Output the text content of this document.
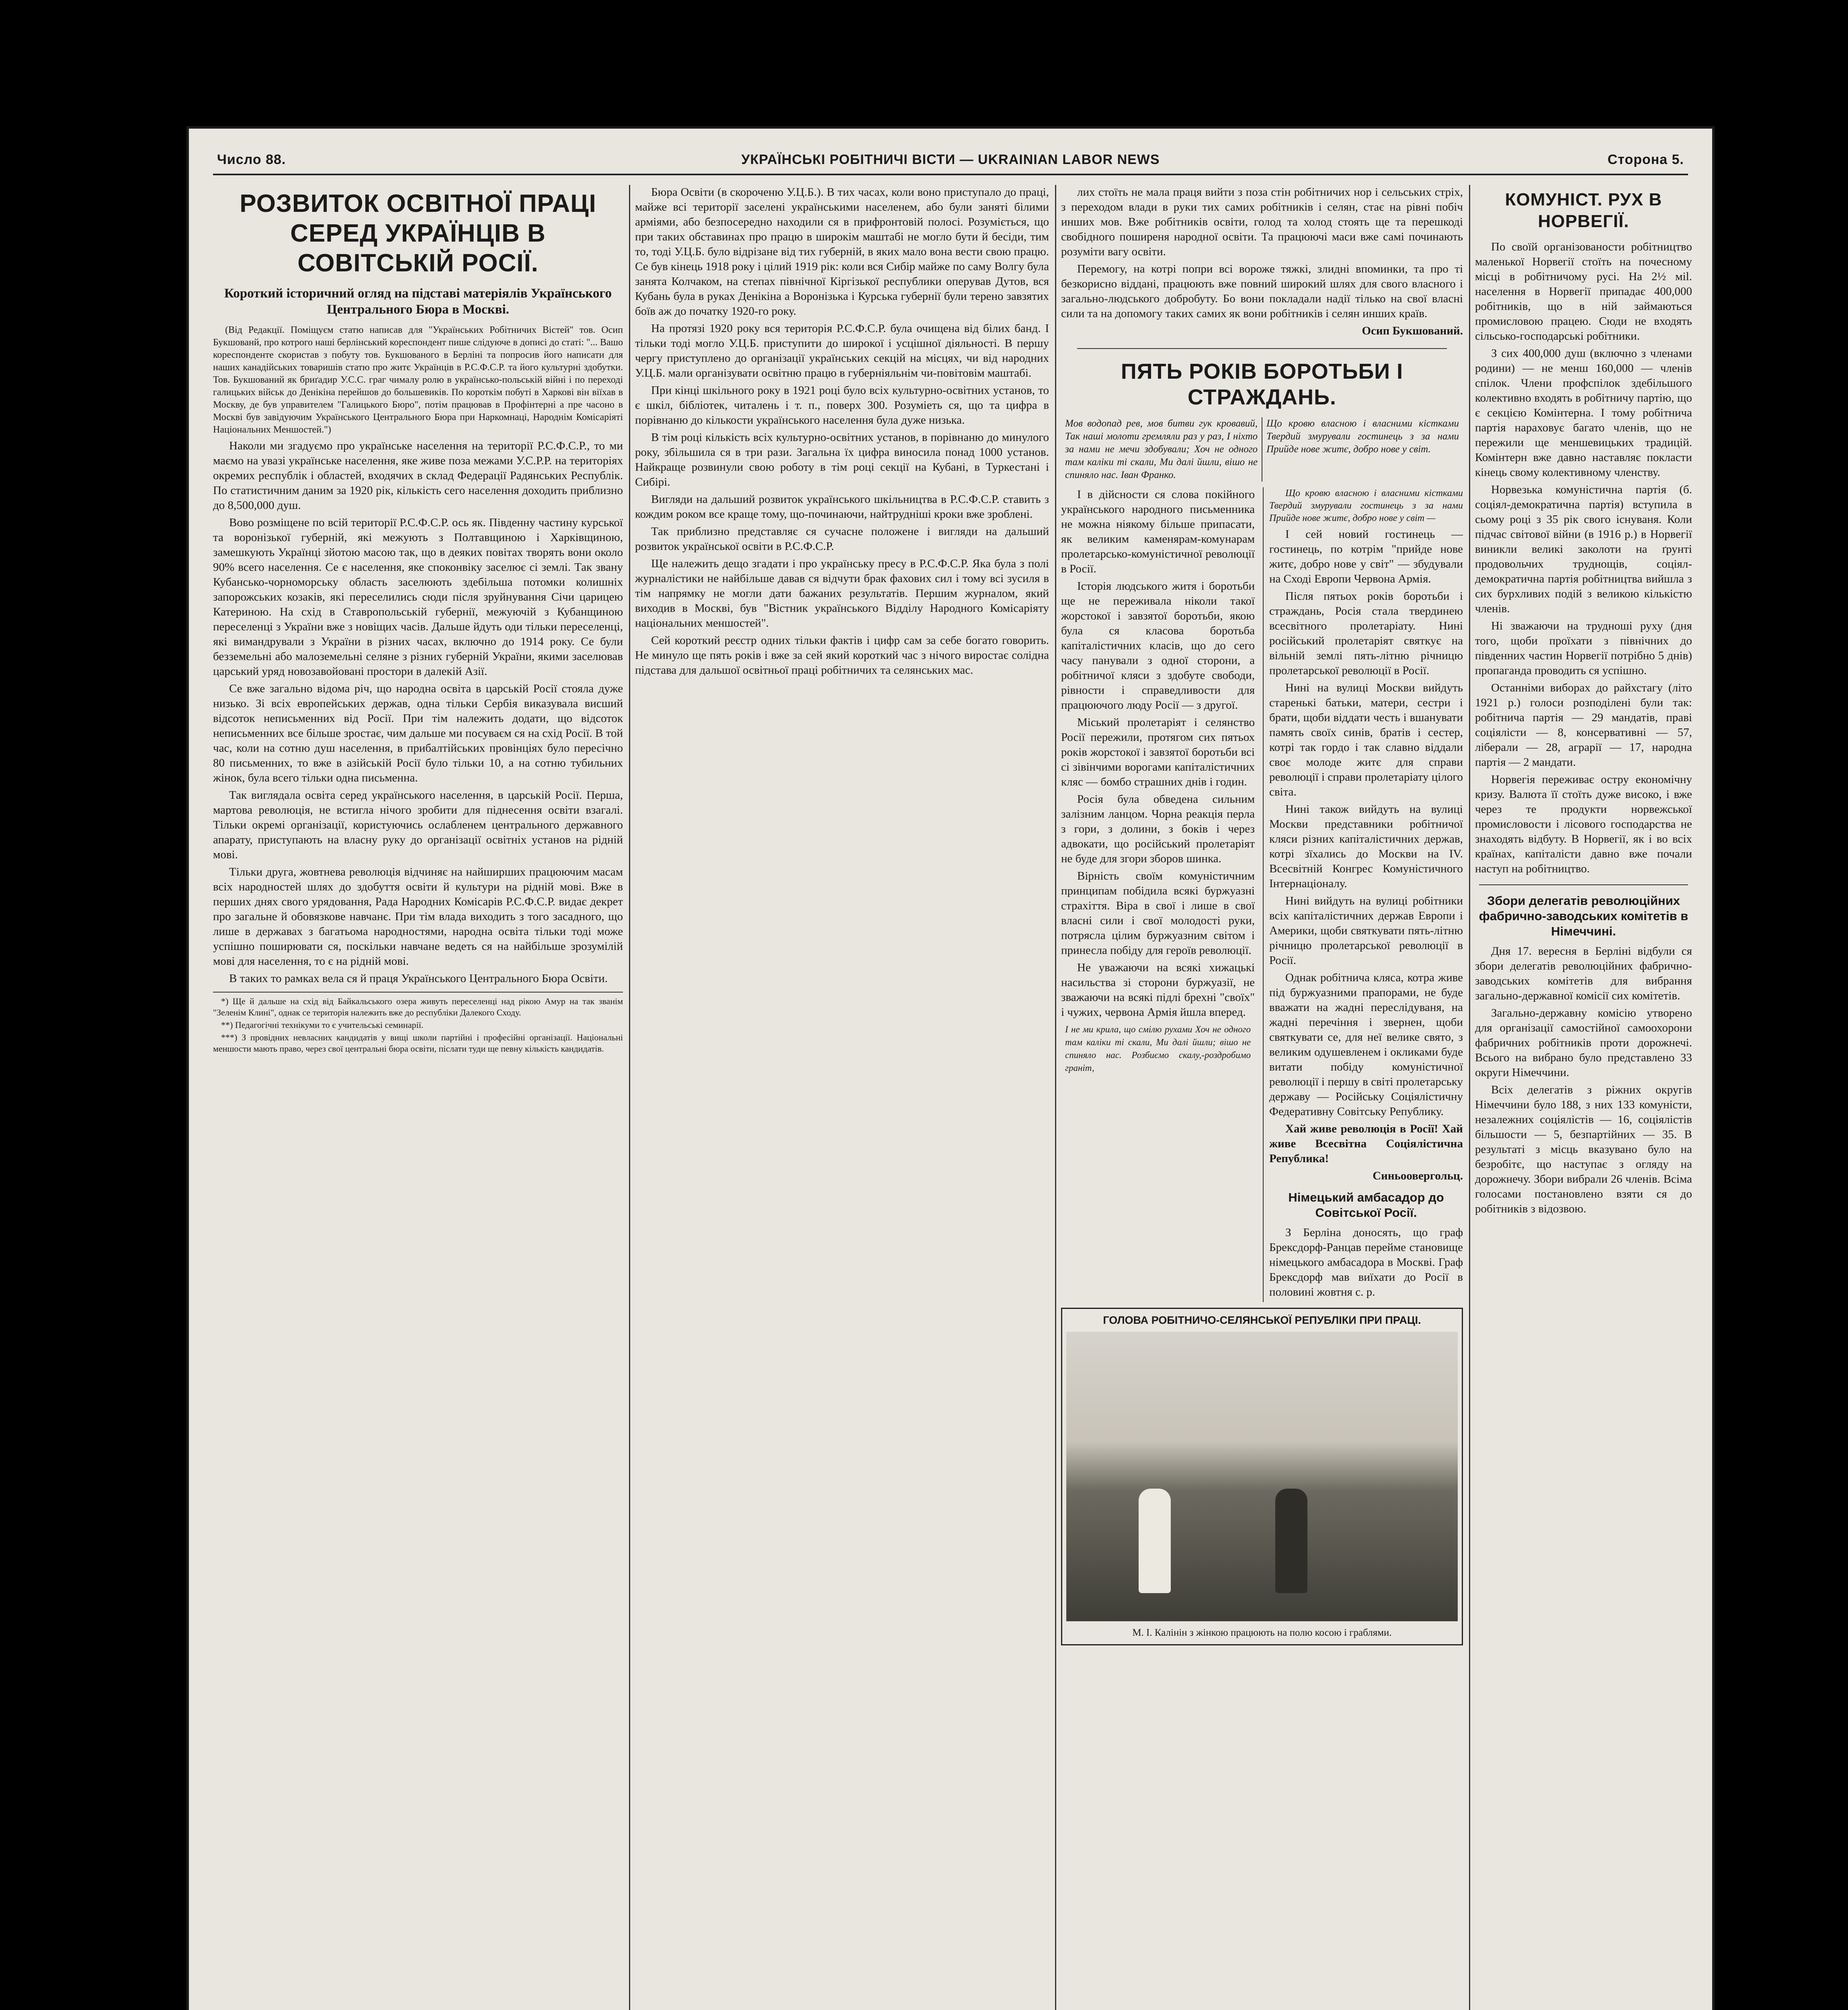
Число 88.	УКРАЇНСЬКІ РОБІТНИЧІ ВІСТИ — UKRAINIAN LABOR NEWS	Сторона 5.
РОЗВИТОК ОСВІТНОЇ ПРАЦІ СЕРЕД УКРАЇНЦІВ В СОВІТСЬКІЙ РОСІЇ.
Короткий історичний огляд на підставі матеріялів Українського Центрального Бюра в Москві.

(Від Редакції. Поміщуєм статю написав для "Українських Робітничих Вістей" тов. Осип Букшованй, про котрого наші берлінський кореспондент пише слідуюче в дописі до статі: "... Вашо кореспонденте скористав з побуту тов. Букшованого в Берліні та попросив його написати для наших канадійських товаришів статю про житє Українців в Р.С.Ф.С.Р. та його культурні здобутки. Тов. Букшований як бриґадир У.С.С. граг чималу ролю в українсько-польській війні і по переході галицьких військ до Денікіна перейшов до большевиків. По короткім побуті в Харкові він віїхав в Москву, де був управителем "Галицького Бюро", потім працював в Профінтерні а пре часоно в Москві був завідуючим Українського Центрального Бюра при Наркомнаці, Народнім Комісаріяті Національних Меншостей.")

Наколи ми згадуємо про українське населення на території Р.С.Ф.С.Р., то ми маємо на увазі українське населення, яке живе поза межами У.С.Р.Р. на територіях окремих республік і областей, входячих в склад Федерації Радянських Республік. По статистичним даним за 1920 рік, кількість сего населення доходить приблизно до 8,500,000 душ.

Вово розміщене по всій території Р.С.Ф.С.Р. ось як. Південну частину курської та воронізької губерній, які межують з Полтавщиною і Харківщиною, замешкують Українці зйотою масою так, що в деяких повітах творять вони около 90% всего населення. Се є населення, яке споконвіку заселює сі землі. Так звану Кубансько-чорноморську область заселюють здебільша потомки колишніх запорожських козаків, які переселились сюди після зруйнування Січи царицею Катериною. На схід в Ставропольській губернії, межуючій з Кубанщиною переселенці з України вже з новіщих часів. Дальше йдуть оди тільки переселенці, які вимандрували з України в різних часах, включно до 1914 року. Се були безземельні або малоземельні селяне з різних губерній України, якими заселював царський уряд новозавойовані простори в далекій Азії.

Се вже загально відома річ, що народна освіта в царській Росії стояла дуже низько. Зі всіх европейських держав, одна тільки Сербія виказувала висший відсоток непиcьменних від Росії. При тім належить додати, що відсоток непиcьменних все більше зростає, чим дальше ми посуваєм ся на схід Росії. В той час, коли на сотню душ населення, в прибалтійських провінціях було пересічно 80 письменних, то вже в азійській Росії було тільки 10, а на сотню тубильних жінок, була всего тільки одна письменна.

Так виглядала освіта серед українського населення, в царській Росії. Перша, мартова революція, не встигла нічого зробити для піднесення освіти взагалі. Тільки окремі організації, користуючись ослабленем центрального державного апарату, приступають на власну руку до організації освітніх установ на рідній мові.

Тільки друга, жовтнева революція відчиняє на найширших працюючим масам всіх народностей шлях до здобуття освіти й культури на рідній мові. Вже в перших днях свого урядовання, Рада Народних Комісарів Р.С.Ф.С.Р. видає декрет про загальне й обовязкове навчанє. При тім влада виходить з того засадного, що лише в державах з багатьома народностями, народна освіта тільки тоді може успішно поширювати ся, поскільки навчане ведеть ся на найбільше зрозумілій мові для населення, то є на рідній мові.

В таких то рамках вела ся й праця Українського Центрального Бюра Освіти.

*) Ще й дальше на схід від Байкальського озера живуть переселенці над рікою Амур на так званім "Зеленім Клині", однак се територія належить вже до республіки Далекого Сходу.

**) Педагогічні технікуми то є учительські семинарії.

***) З провідних невласних кандидатів у вищі школи партійні і професійні організації. Національні меншости мають право, через свої центральні бюра освіти, післати туди ще певну кількість кандидатів.

Бюра Освіти (в скороченю У.Ц.Б.). В тих часах, коли воно приступало до праці, майже всі території заселені українськими населенем, або були заняті білими арміями, або безпосередно находили ся в прифронтовій полосі. Розуміється, що при таких обставинах про працю в широкім маштабі не могло бути й бесіди, тим то, тоді У.Ц.Б. було відрізане від тих губерній, в яких мало вона вести свою працю. Се був кінець 1918 року і цілий 1919 рік: коли вся Сибір майже по саму Волгу була занята Колчаком, на степах північної Кіргізької республики оперував Дутов, вся Кубань була в руках Денікіна а Воронізька і Курська губернії були терено завзятих боїв аж до початку 1920-го року.

На протязі 1920 року вся територія Р.С.Ф.С.Р. була очищена від білих банд. І тільки тоді могло У.Ц.Б. приступити до широкої і усцішної діяльності. В першу чергу приступлено до організації українських секцій на місцях, чи від народних У.Ц.Б. мали організувати освітню працю в губерніяльнім чи-повітовім маштабі.

При кінці шкільного року в 1921 році було всіх культурно-освітних установ, то є шкіл, бібліотек, читалень і т. п., поверх 300. Розуміеть ся, що та цифра в порівнаню до кількости українського населення була дуже низька.

В тім році кількість всіх культурно-освітних установ, в порівнаню до минулого року, збільшила ся в три рази. Загальна їх цифра виносила понад 1000 установ. Найкраще розвинули свою роботу в тім році секції на Кубані, в Туркестані і Сибірі.

Вигляди на дальший розвиток українського шкільництва в Р.С.Ф.С.Р. ставить з кождим роком все краще тому, що-починаючи, найтрудніші кроки вже зроблені.

Так приблизно представляє ся сучасне положене і вигляди на дальший розвиток української освіти в Р.С.Ф.С.Р.

Ще належить дещо згадати і про українську пресу в Р.С.Ф.С.Р. Яка була з полі журналістики не найбільше давав ся відчути брак фахових сил і тому всі зусиля в тім напрямку не могли дати бажаних результатів. Першим журналом, який виходив в Москві, був "Вістник українського Відділу Народного Комісаріяту національних меншостей".

Сей короткий реєстр одних тільки фактів і цифр сам за себе богато говорить. Не минуло ще пять років і вже за сей який короткий час з нічого виростає солідна підстава для дальшої освітньої праці робітничих та селянських мас.

лих стоїть не мала праця вийти з поза стін робітничих нор і сельських стріх, з переходом влади в руки тих самих робітників і селян, стає на рівні побіч инших мов. Вже робітників освіти, голод та холод стоять ще та перешкоді свобідного поширеня народної освіти. Та працюючі маси вже самі починають розуміти вагу освіти.

Перемогу, на котрі попри всі вороже тяжкі, злидні впоминки, та про ті безкорисно віддані, працюють вже повний широкий шлях для свого власного і загально-людського добробуту. Бо вони покладали надії тілько на свої власні сили та на допомогу таких самих як вони робітників і селян инших країв.

Осип Букшований.

ПЯТЬ РОКІВ БОРОТЬБИ І СТРАЖДАНЬ.
Мов водопад рев, мов битви гук кровавий, Так наші молоти гремляли раз у раз, І ніхто за нами не мечи здобували; Хоч не одного там каліки ті скали, Ми далі йшли, вішо не спиняло нас. Іван Франко.
Що кровю власною і власними кістками Твердий змурували гостинець з за нами Прийде нове житє, добро нове у світ.

І в дійсности ся слова покійного українського народного письменника не можна ніякому більше припасати, як великим каменярам-комунарам пролетарсько-комуністичної революції в Росії.

Історія людського житя і боротьби ще не переживала ніколи такої жорстокої і завзятої боротьби, якою була ся класова боротьба капіталістичних класів, що до сего часу панували з одної сторони, а робітничої кляси з здобуте свободи, рівности і справедливости для працюючого люду Росії — з другої.

Міський пролетаріят і селянство Росії пережили, протягом сих пятьох років жорстокої і завзятої боротьби всі сі зівінчими ворогами капіталістичних кляс — бомбо страшних днів і годин.

Росія була обведена сильним залізним ланцом. Чорна реакція перла з гори, з долини, з боків і через адвокати, що російський пролетаріят не буде для згори зборов шинка.

Вірність своїм комуністичним принципам побідила всякі буржуазні страхіття. Віра в свої і лише в свої власні сили і свої молодості руки, потрясла цілим буржуазним світом і принесла побіду для героїв революції.

Не уважаючи на всякі хижацькі насильства зі сторони буржуазії, не зважаючи на всякі підлі брехні "своїх" і чужих, червона Армія йшла вперед.

І не ми крила, що смілю рухами Хоч не одного там каліки ті скали, Ми далі йшли; вішо не спиняло нас. Розбиємо скалу,-роздробимо граніт,

Що кровю власною і власними кістками Твердий змурували гостинець з за нами Прийде нове житє, добро нове у світ —

І сей новий гостинець — гостинець, по котрім "прийде нове житє, добро нове у світ" — збудували на Сході Европи Червона Армія.

Після пятьох років боротьби і страждань, Росія стала твердинею всесвітного пролетаріату. Нині російський пролетаріят святкує на вільній землі пять-літню річницю пролетарської революції в Росії.

Нині на вулиці Москви вийдуть старенькі батьки, матери, сестри і брати, щоби віддати честь і вшанувати память своїх синів, братів і сестер, котрі так гордо і так славно віддали своє молоде житє для справи революції і справи пролетаріату цілого світа.

Нині також вийдуть на вулиці Москви представники робітничої кляси різних капіталістичних держав, котрі зїхались до Москви на IV. Всесвітній Конгрес Комуністичного Інтернаціоналу.

Нині вийдуть на вулиці робітники всіх капіталістичних держав Европи і Америки, щоби святкувати пять-літню річницю пролетарської революції в Росії.

Однак робітнича кляса, котра живе під буржуазними прапорами, не буде вважати на жадні переслідуваня, на жадні перечіння і звернен, щоби святкувати се, для неї велике свято, з великим одушевленем і окликами буде витати побіду комуністичної революції і першу в світі пролетарську державу — Російську Соціялістичну Федеративну Совітську Републику.

Хай живе революція в Росії! Хай живе Всесвітна Соціялістична Република!

Синьоовергольц.

Німецький амбасадор до Совітської Росії.

З Берліна доносять, що граф Брексдорф-Ранцав перейме становище німецького амбасадора в Москві. Граф Брексдорф мав виїхати до Росії в половині жовтня с. р.

ГОЛОВА РОБІТНИЧО-СЕЛЯНСЬКОЇ РЕПУБЛІКИ ПРИ ПРАЦІ.
М. І. Калінін з жінкою працюють на полю косою і граблями.
КОМУНІСТ. РУХ В НОРВЕГІЇ.

По своїй організованости робітництво маленької Норвегії стоїть на почесному місці в робітничому русі. На 2½ мil. населення в Норвегії припадає 400,000 робітників, що в ній займаються промисловою працею. Сюди не входять сільсько-господарські робітники.

З сих 400,000 душ (включно з членами родини) — не менш 160,000 — членів спілок. Члени профспілок здебільшого колективно входять в робітничу партію, що є секцією Комінтерна. І тому робітнича партія нараховує багато членів, що не пережили ще меншевицьких традицій. Комінтерн вже давно наставляє покласти кінець свому колективному членству.

Норвезька комуністична партія (б. соціял-демократична партія) вступила в сьому році з 35 рік свого існуваня. Коли підчас світової війни (в 1916 р.) в Норвегії виникли великі заколоти на ґрунті продовольчих труднощів, соціял-демократична партія робітництва вийшла з сих бурхливих подій з великою кількістю членів.

Ні зважаючи на трудноші руху (дня того, щоби проїхати з північних до південних частин Норвегії потрібно 5 днів) пропаганда проводить ся успішно.

Останніми виборах до райхстагу (літо 1921 р.) голоси розподілені були так: робітнича партія — 29 мандатів, праві соціялісти — 8, консервативні — 57, ліберали — 28, аграрії — 17, народна партія — 2 мандати.

Норвегія переживає остру економічну кризу. Валюта її стоїть дуже високо, і вже через те продукти норвежської промисловости і лісового господарства не знаходять відбуту. В Норвегії, як і во всіх країнах, капіталісти давно вже почали наступ на робітництво.

Збори делегатів революційних фабрично-заводських комітетів в Німеччині.

Дня 17. вересня в Берліні відбули ся збори делегатів революційних фабрично-заводських комітетів для вибрання загально-державної комісії сих комітетів.

Загально-державну комісію утворено для організації самостійної самоохорони фабричних робітників проти дорожнечі. Всього на вибрано було представлено 33 округи Німеччини.

Всіх делегатів з ріжних округів Німеччини було 188, з них 133 комуністи, незалежних соціялістів — 16, соціялістів більшости — 5, безпартійних — 35. В результаті з місць вказувано було на безробітє, що наступає з огляду на дорожнечу. Збори вибрали 26 членів. Всіма голосами постановлено взяти ся до робітників з відозвою.
